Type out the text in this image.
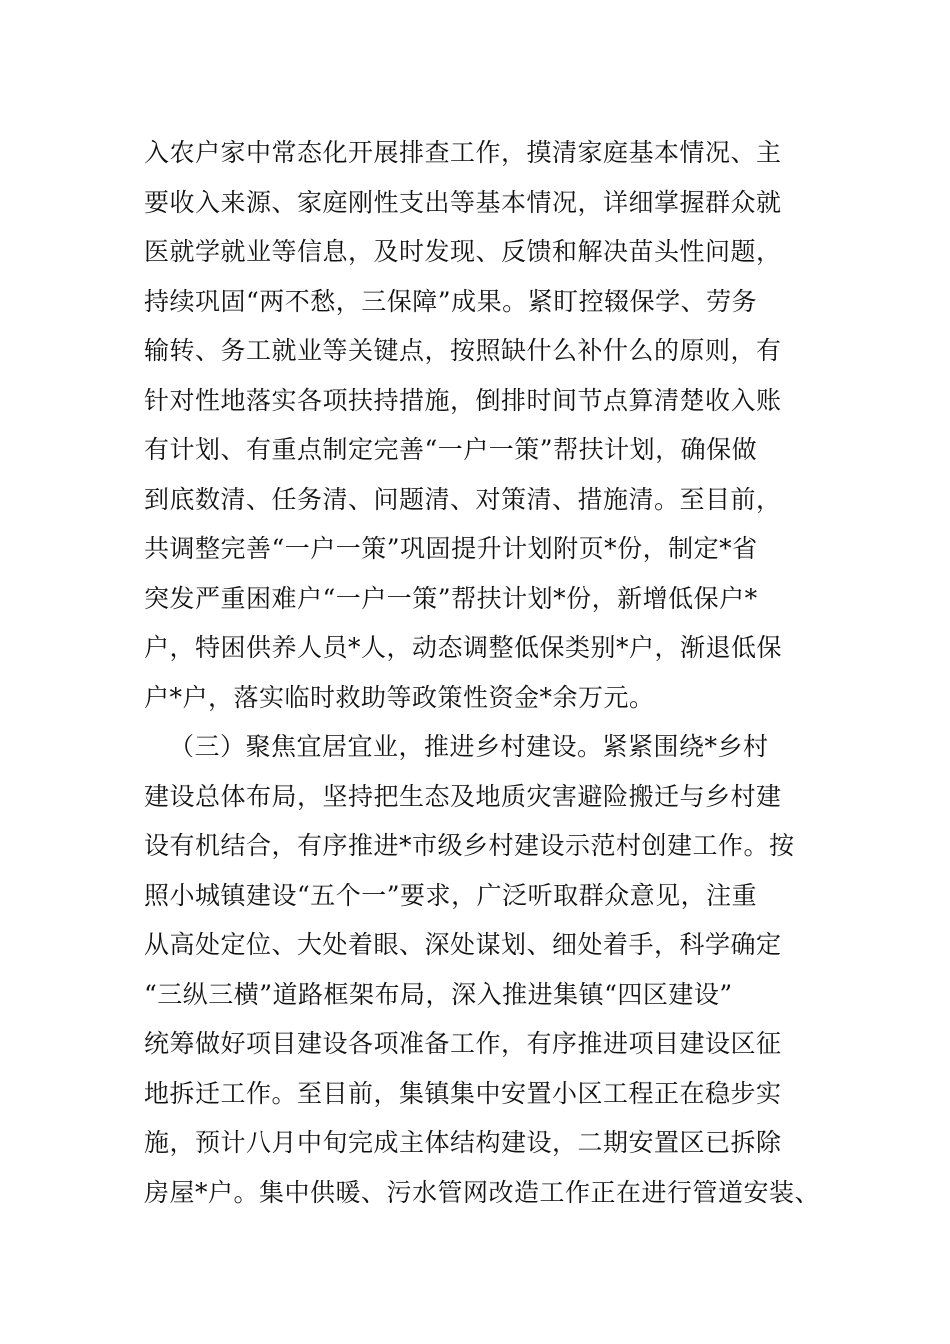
入农户家中常态化开展排查工作，摸清家庭基本情况、主
要收入来源、家庭刚性支出等基本情况，详细掌握群众就
医就学就业等信息，及时发现、反馈和解决苗头性问题，
持续巩固“两不愁，三保障”成果。紧盯控辍保学、劳务
输转、务工就业等关键点，按照缺什么补什么的原则，有
针对性地落实各项扶持措施，倒排时间节点算清楚收入账
有计划、有重点制定完善“一户一策”帮扶计划，确保做
到底数清、任务清、问题清、对策清、措施清。至目前，
共调整完善“一户一策”巩固提升计划附页*份，制定*省
突发严重困难户“一户一策”帮扶计划*份，新增低保户*
户，特困供养人员*人，动态调整低保类别*户，渐退低保
户*户，落实临时救助等政策性资金*余万元。
（三）聚焦宜居宜业，推进乡村建设。紧紧围绕*乡村
建设总体布局，坚持把生态及地质灾害避险搬迁与乡村建
设有机结合，有序推进*市级乡村建设示范村创建工作。按
照小城镇建设“五个一”要求，广泛听取群众意见，注重
从高处定位、大处着眼、深处谋划、细处着手，科学确定
“三纵三横”道路框架布局，深入推进集镇“四区建设”
统筹做好项目建设各项准备工作，有序推进项目建设区征
地拆迁工作。至目前，集镇集中安置小区工程正在稳步实
施，预计八月中旬完成主体结构建设，二期安置区已拆除
房屋*户。集中供暖、污水管网改造工作正在进行管道安装、
